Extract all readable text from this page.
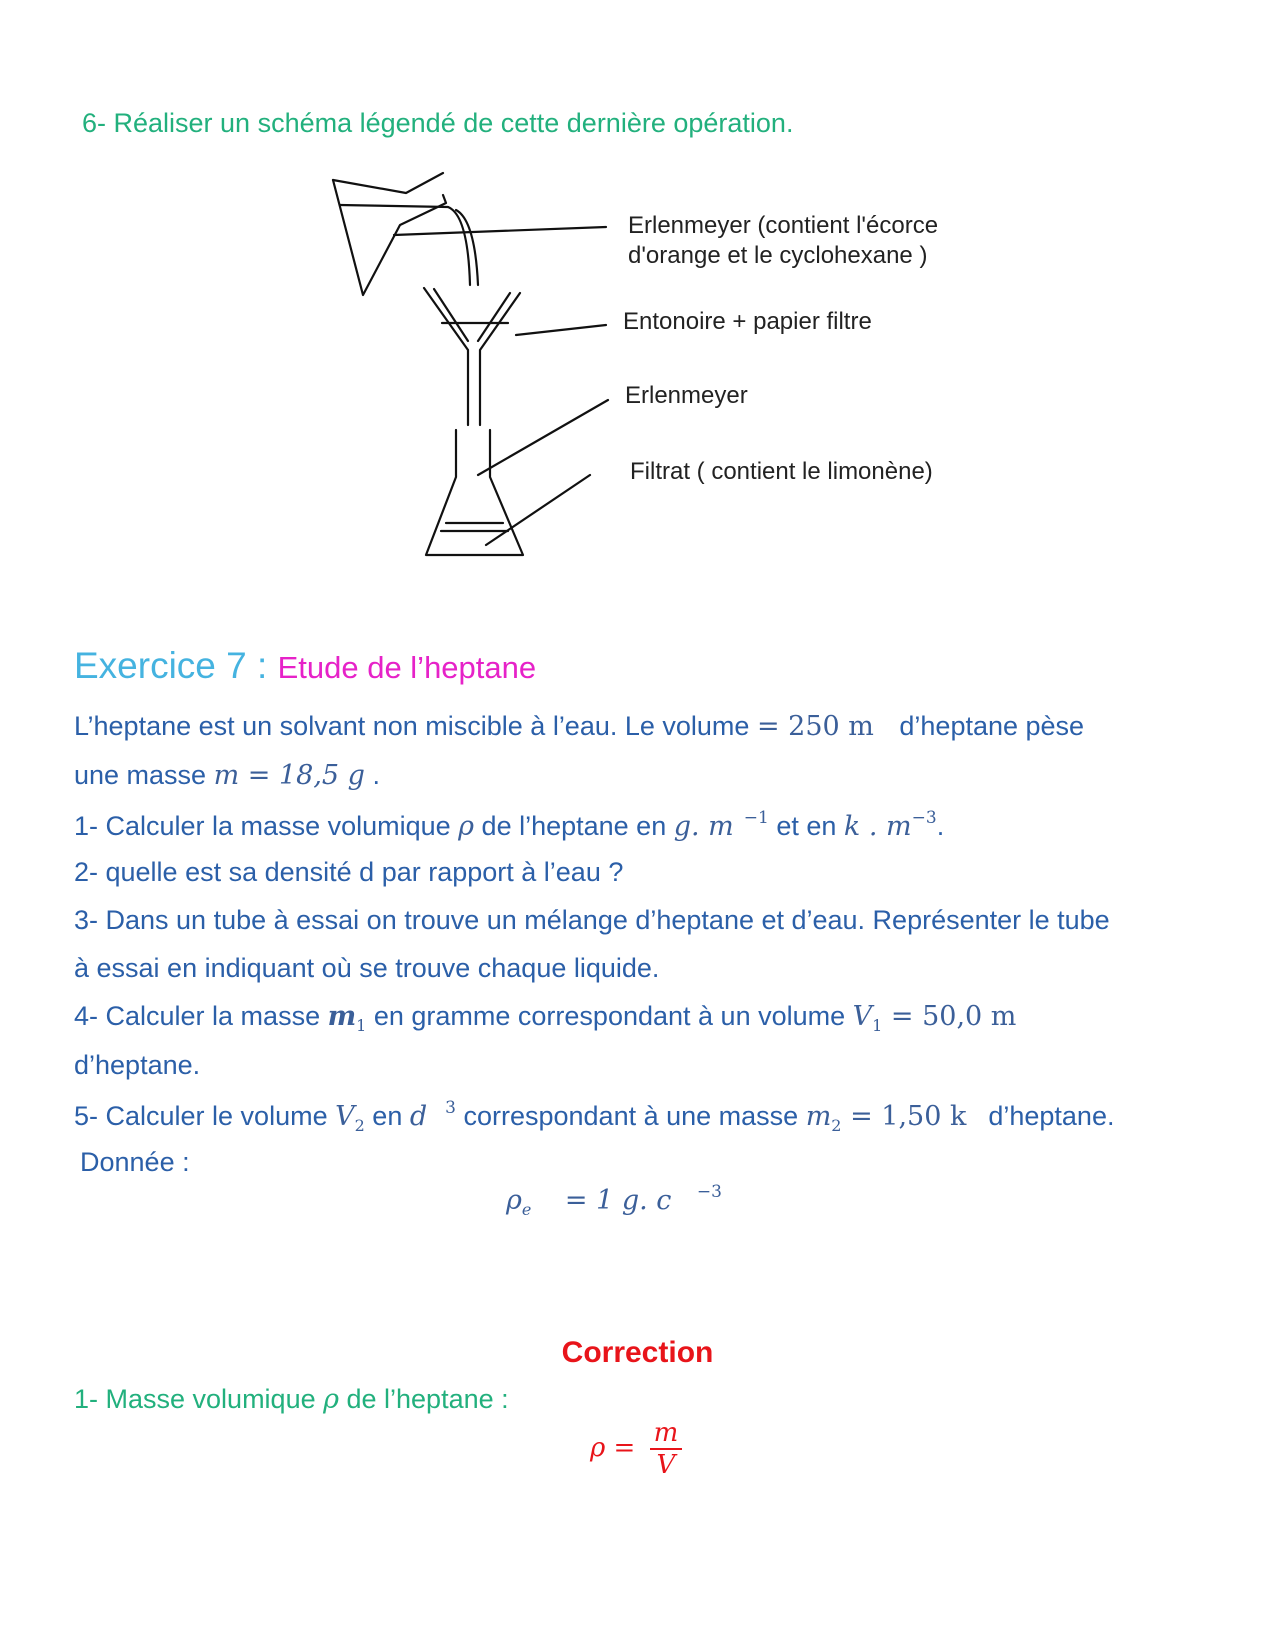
6- Réaliser un schéma légendé de cette dernière opération.
Erlenmeyer (contient l'écorce
d'orange et le cyclohexane )
Entonoire + papier filtre
Erlenmeyer
Filtrat ( contient le limonène)
Exercice 7 : Etude de l’heptane
L’heptane est un solvant non miscible à l’eau. Le volume = 250 m d’heptane pèse
une masse m = 18,5 g .
1- Calculer la masse volumique ρ de l’heptane en g. m $^{-1}$ et en k . $m^{-3}$.
2- quelle est sa densité d par rapport à l’eau ?
3- Dans un tube à essai on trouve un mélange d’heptane et d’eau. Représenter le tube
à essai en indiquant où se trouve chaque liquide.
4- Calculer la masse $m_1$ en gramme correspondant à un volume $V_1 = 50,0$ m
d’heptane.
5- Calculer le volume $V_2$ en d $^3$ correspondant à une masse $m_2 = 1,50$ k d’heptane.
Donnée :
$\rho_e = 1$ g. c $^{-3}$
Correction
1- Masse volumique ρ de l’heptane :
$\rho = \frac{m}{V}$
